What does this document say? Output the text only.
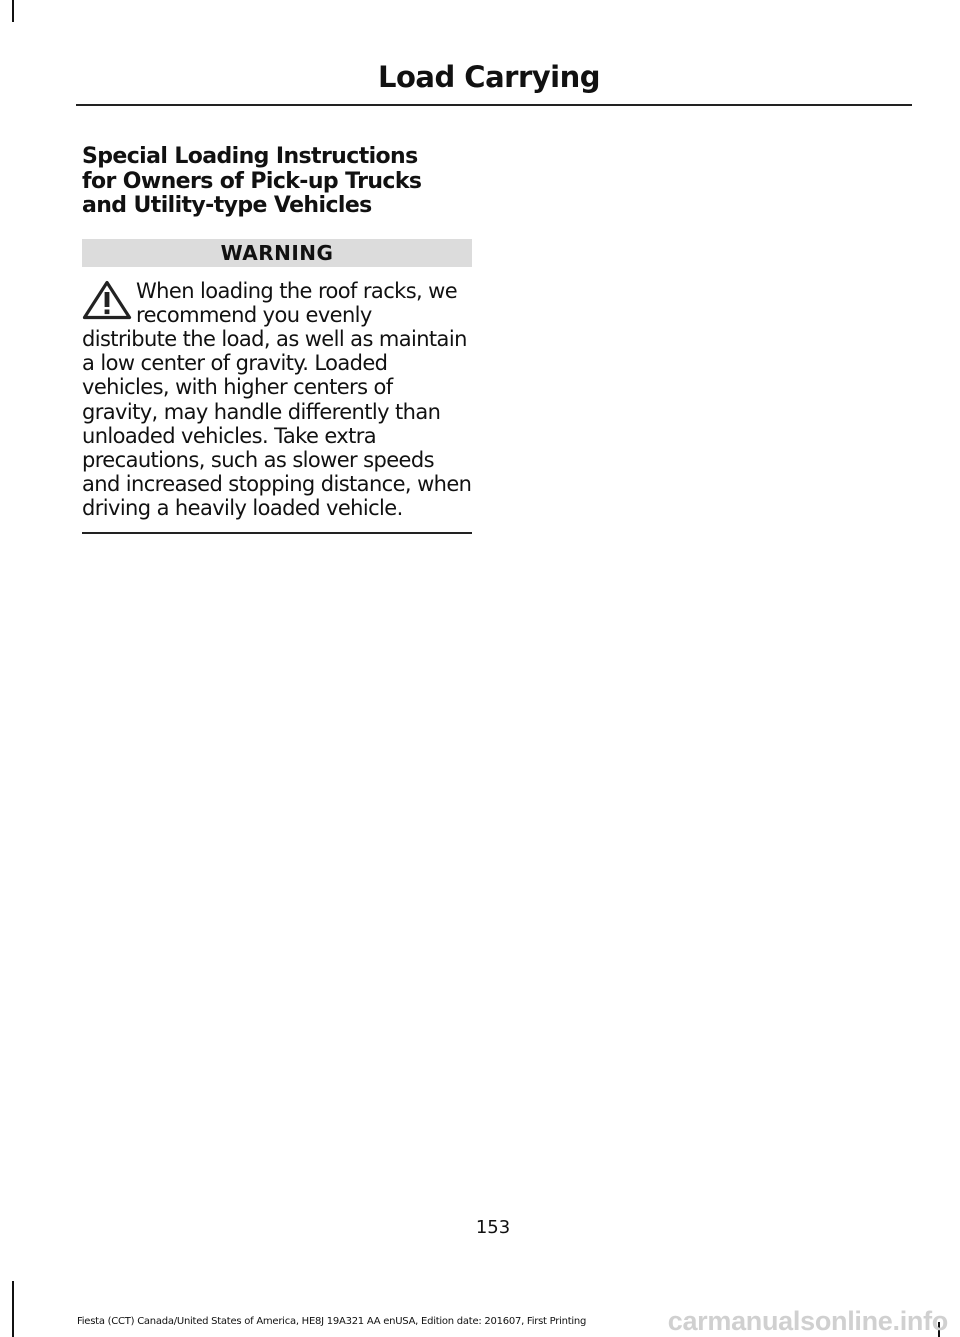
Load Carrying
Special Loading Instructions
for Owners of Pick-up Trucks
and Utility-type Vehicles
WARNING
When loading the roof racks, we recommend you evenly distribute the load, as well as maintain a low center of gravity. Loaded vehicles, with higher centers of gravity, may handle differently than unloaded vehicles. Take extra precautions, such as slower speeds and increased stopping distance, when driving a heavily loaded vehicle.
153
Fiesta (CCT) Canada/United States of America, HE8J 19A321 AA enUSA, Edition date: 201607, First Printing	carmanualsonline.info
